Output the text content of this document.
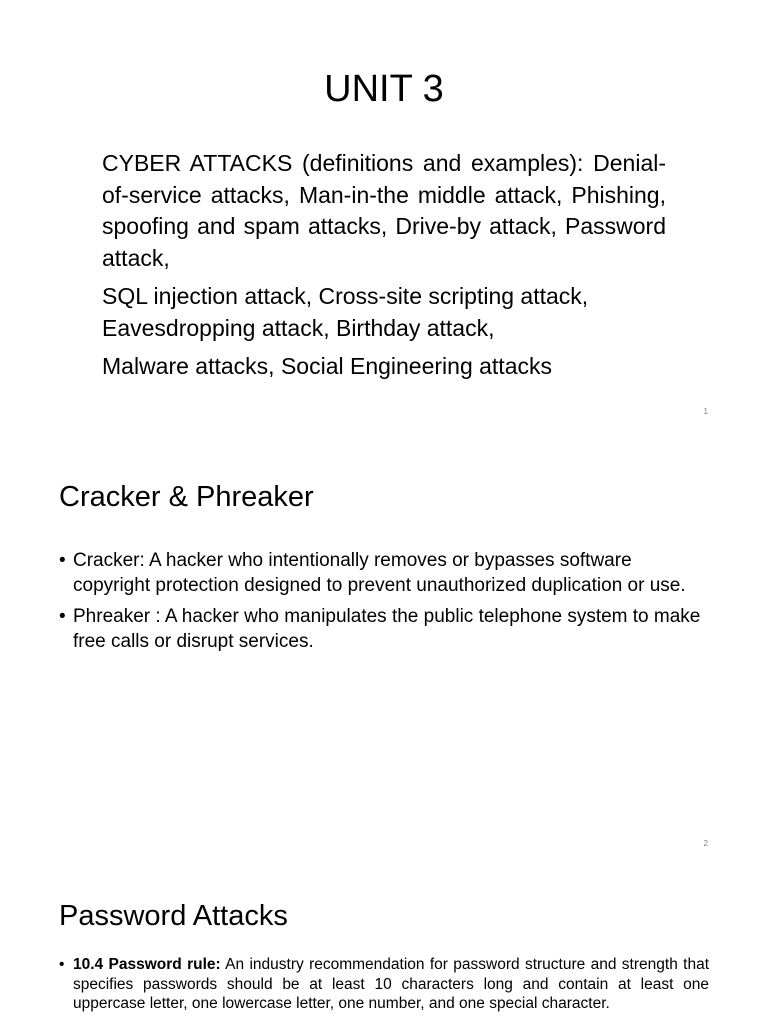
UNIT 3

CYBER ATTACKS (definitions and examples): Denial-of-service attacks, Man-in-the middle attack, Phishing, spoofing and spam attacks, Drive-by attack, Password attack,

SQL injection attack, Cross-site scripting attack, Eavesdropping attack, Birthday attack,

Malware attacks, Social Engineering attacks

1
Cracker & Phreaker
• Cracker: A hacker who intentionally removes or bypasses software copyright protection designed to prevent unauthorized duplication or use.
• Phreaker : A hacker who manipulates the public telephone system to make free calls or disrupt services.
2
Password Attacks
• 10.4 Password rule: An industry recommendation for password structure and strength that specifies passwords should be at least 10 characters long and contain at least one uppercase letter, one lowercase letter, one number, and one special character.
